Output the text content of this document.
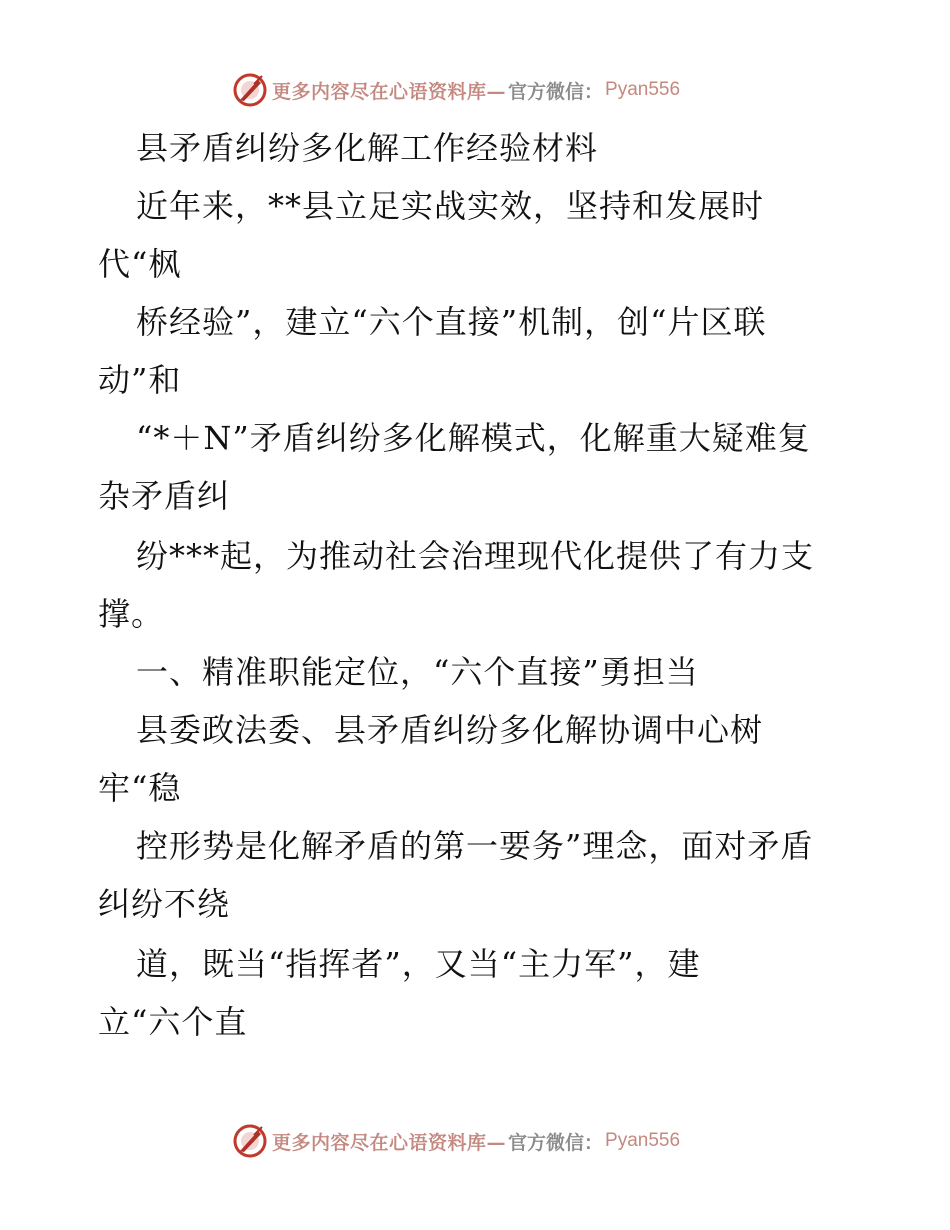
更多内容尽在心语资料库— 官方微信： Pyan556
县矛盾纠纷多化解工作经验材料
近年来，**县立足实战实效，坚持和发展时
代“枫
桥经验”，建立“六个直接”机制，创“片区联
动”和
“*＋N”矛盾纠纷多化解模式，化解重大疑难复
杂矛盾纠
纷***起，为推动社会治理现代化提供了有力支
撑。
一、精准职能定位，“六个直接”勇担当
县委政法委、县矛盾纠纷多化解协调中心树
牢“稳
控形势是化解矛盾的第一要务”理念，面对矛盾
纠纷不绕
道，既当“指挥者”，又当“主力军”，建
立“六个直
更多内容尽在心语资料库— 官方微信： Pyan556
